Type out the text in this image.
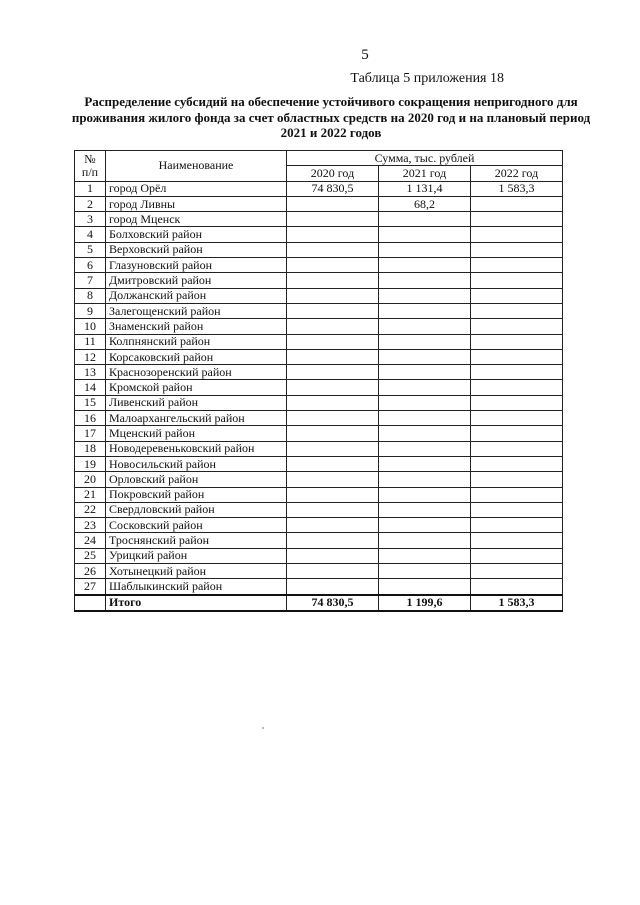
5
Таблица 5 приложения 18
Распределение субсидий на обеспечение устойчивого сокращения непригодного для проживания жилого фонда за счет областных средств на 2020 год и на плановый период 2021 и 2022 годов
№
п/п	Наименование	Сумма, тыс. рублей		
		2020 год	2021 год	2022 год
1	город Орёл	74 830,5	1 131,4	1 583,3
2	город Ливны		68,2	
3	город Мценск			
4	Болховский район			
5	Верховский район			
6	Глазуновский район			
7	Дмитровский район			
8	Должанский район			
9	Залегощенский район			
10	Знаменский район			
11	Колпнянский район			
12	Корсаковский район			
13	Краснозоренский район			
14	Кромской район			
15	Ливенский район			
16	Малоархангельский район			
17	Мценский район			
18	Новодеревеньковский район			
19	Новосильский район			
20	Орловский район			
21	Покровский район			
22	Свердловский район			
23	Сосковский район			
24	Троснянский район			
25	Урицкий район			
26	Хотынецкий район			
27	Шаблыкинский район			
	Итого	74 830,5	1 199,6	1 583,3
